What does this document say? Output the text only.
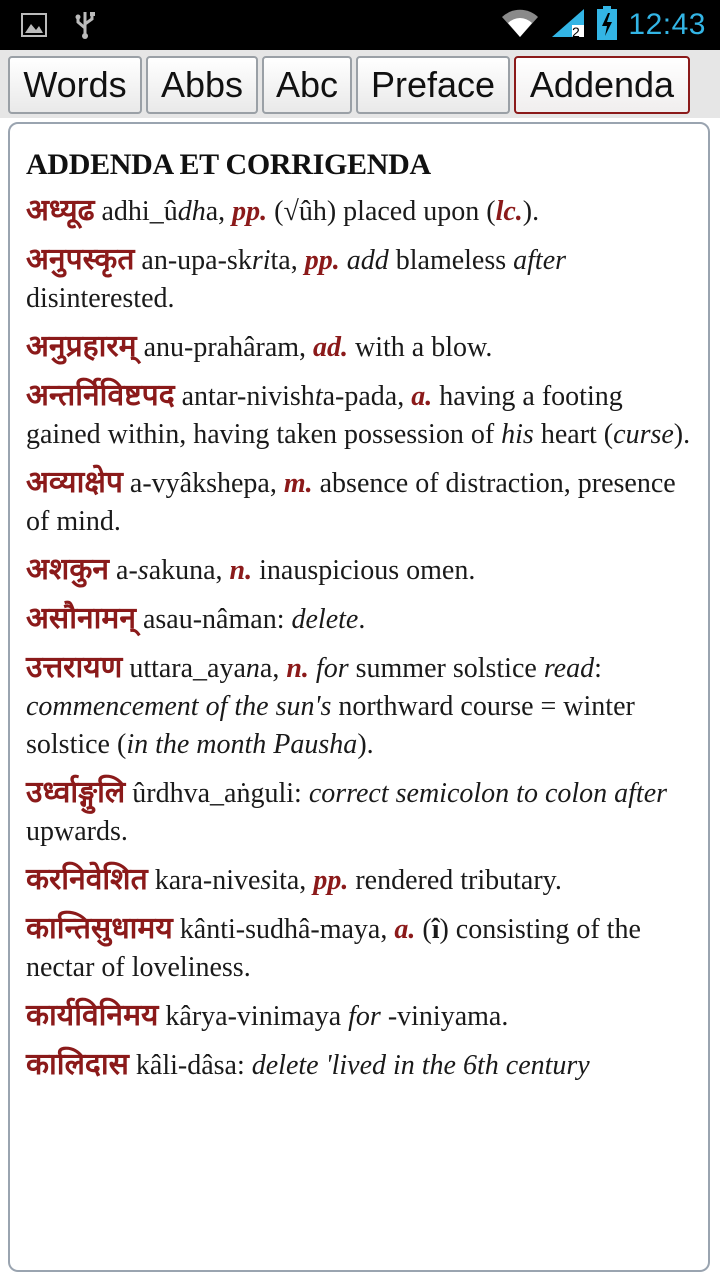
2 12:43
Words Abbs Abc Preface Addenda
ADDENDA ET CORRIGENDA
अध्यूढ adhi_ûdha, pp. (√ûh) placed upon (lc.).
अनुपस्कृत an-upa-skrita, pp. add blameless after disinterested.
अनुप्रहारम् anu-prahâram, ad. with a blow.
अन्तर्निविष्टपद antar-nivishta-pada, a. having a footing gained within, having taken possession of his heart (curse).
अव्याक्षेप a-vyâkshepa, m. absence of distraction, presence of mind.
अशकुन a-sakuna, n. inauspicious omen.
असौनामन् asau-nâman: delete.
उत्तरायण uttara_ayana, n. for summer solstice read: commencement of the sun's northward course = winter solstice (in the month Pausha).
उर्ध्वाङ्गुलि ûrdhva_aṅguli: correct semicolon to colon after upwards.
करनिवेशित kara-nivesita, pp. rendered tributary.
कान्तिसुधामय kânti-sudhâ-maya, a. (î) consisting of the nectar of loveliness.
कार्यविनिमय kârya-vinimaya for -viniyama.
कालिदास kâli-dâsa: delete 'lived in the 6th century
